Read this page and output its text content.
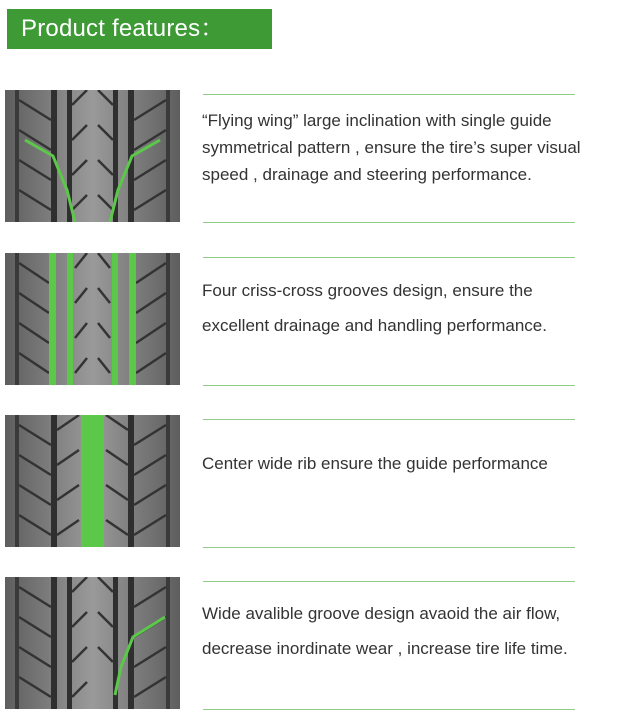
Product features：

“Flying wing” large inclination with single guide symmetrical pattern , ensure the tire’s super visual speed , drainage and steering performance.

Four criss-cross grooves design, ensure the excellent drainage and handling performance.

Center wide rib ensure the guide performance

Wide avalible groove design avaoid the air flow, decrease inordinate wear , increase tire life time.
